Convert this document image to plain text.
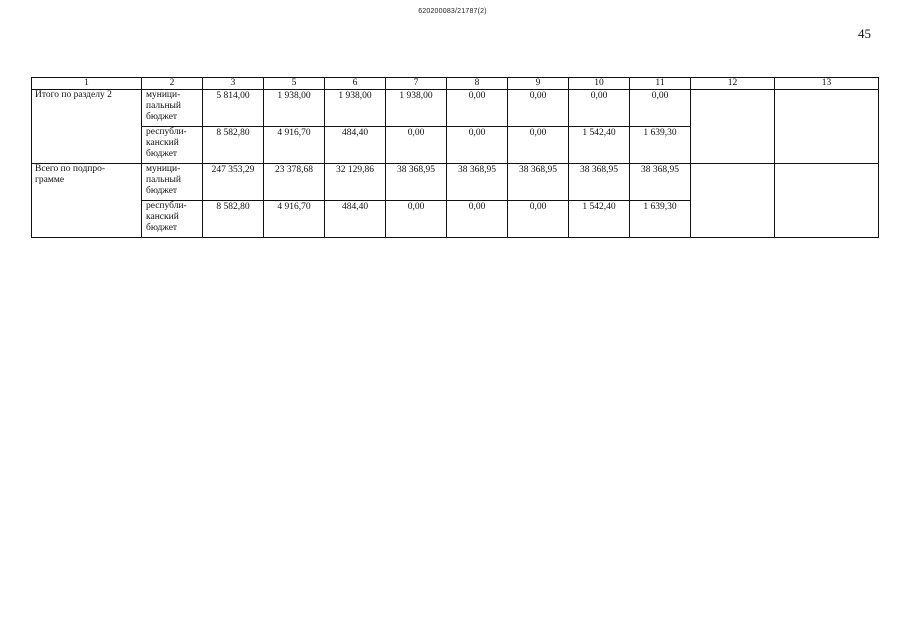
620200083/21787(2)
45
1	2	3	5	6	7	8	9	10	11	12	13
Итого по разделу 2	муници-
пальный
бюджет	5 814,00	1 938,00	1 938,00	1 938,00	0,00	0,00	0,00	0,00		
	республи-
канский
бюджет	8 582,80	4 916,70	484,40	0,00	0,00	0,00	1 542,40	1 639,30		
Всего по подпро-
грамме	муници-
пальный
бюджет	247 353,29	23 378,68	32 129,86	38 368,95	38 368,95	38 368,95	38 368,95	38 368,95		
	республи-
канский
бюджет	8 582,80	4 916,70	484,40	0,00	0,00	0,00	1 542,40	1 639,30		
